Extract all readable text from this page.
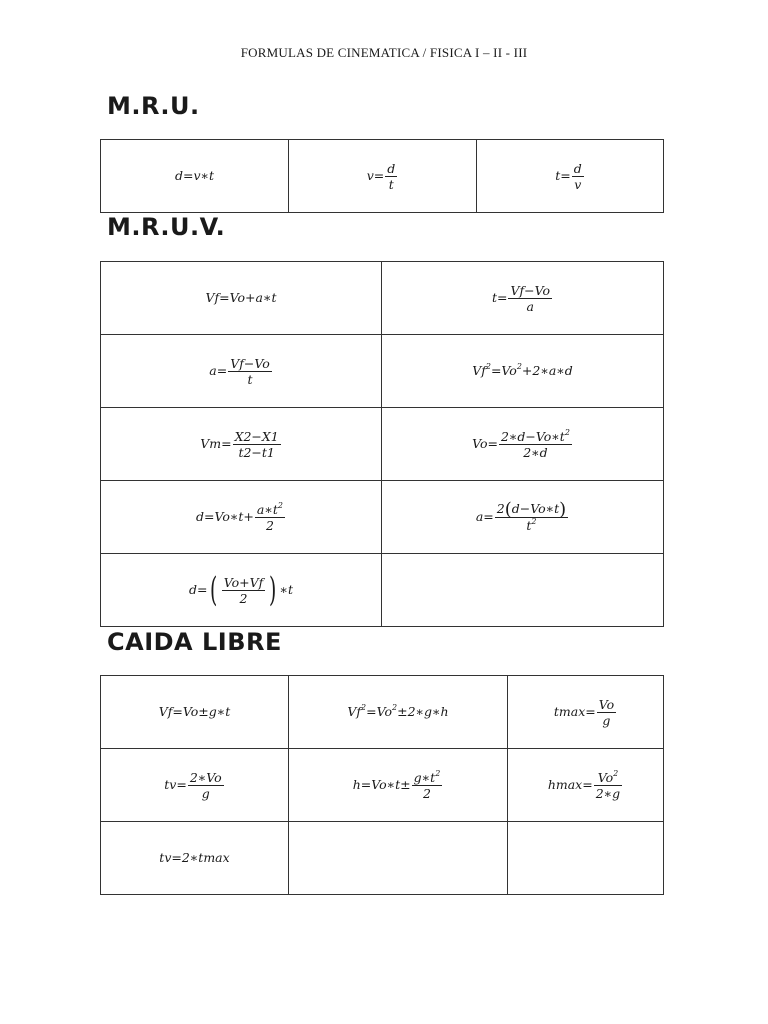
FORMULAS DE CINEMATICA / FISICA I – II - III
M.R.U.
d=v∗t	$v= \frac{d}{t}$	$t= \frac{d}{v}$
M.R.U.V.
Vf=Vo+a∗t	$t= \frac{Vf-Vo}{a}$

$a= \frac{Vf-Vo}{t}$	$Vf^2=Vo^2+2∗a∗d$
$Vm= \frac{X2-X1}{t2-t1}$	$Vo= \frac{2∗d-Vo∗t^2}{2∗d}$

d=Vo∗t+ $\frac{a∗t^2}{2}$	$a= \frac{2(d-Vo∗t)}{t^2}$

$d=( \frac{Vo+Vf}{2}$ ) ∗t	
CAIDA LIBRE
Vf=Vo±g∗t	$Vf^2=Vo^2\pm 2∗g∗h$	$tmax= \frac{Vo}{g}$

$tv= \frac{2∗Vo}{g}$	h=Vo∗t± $\frac{g∗t^2}{2}$	$hmax= \frac{Vo^2}{2∗g}$

tv=2∗tmax		
